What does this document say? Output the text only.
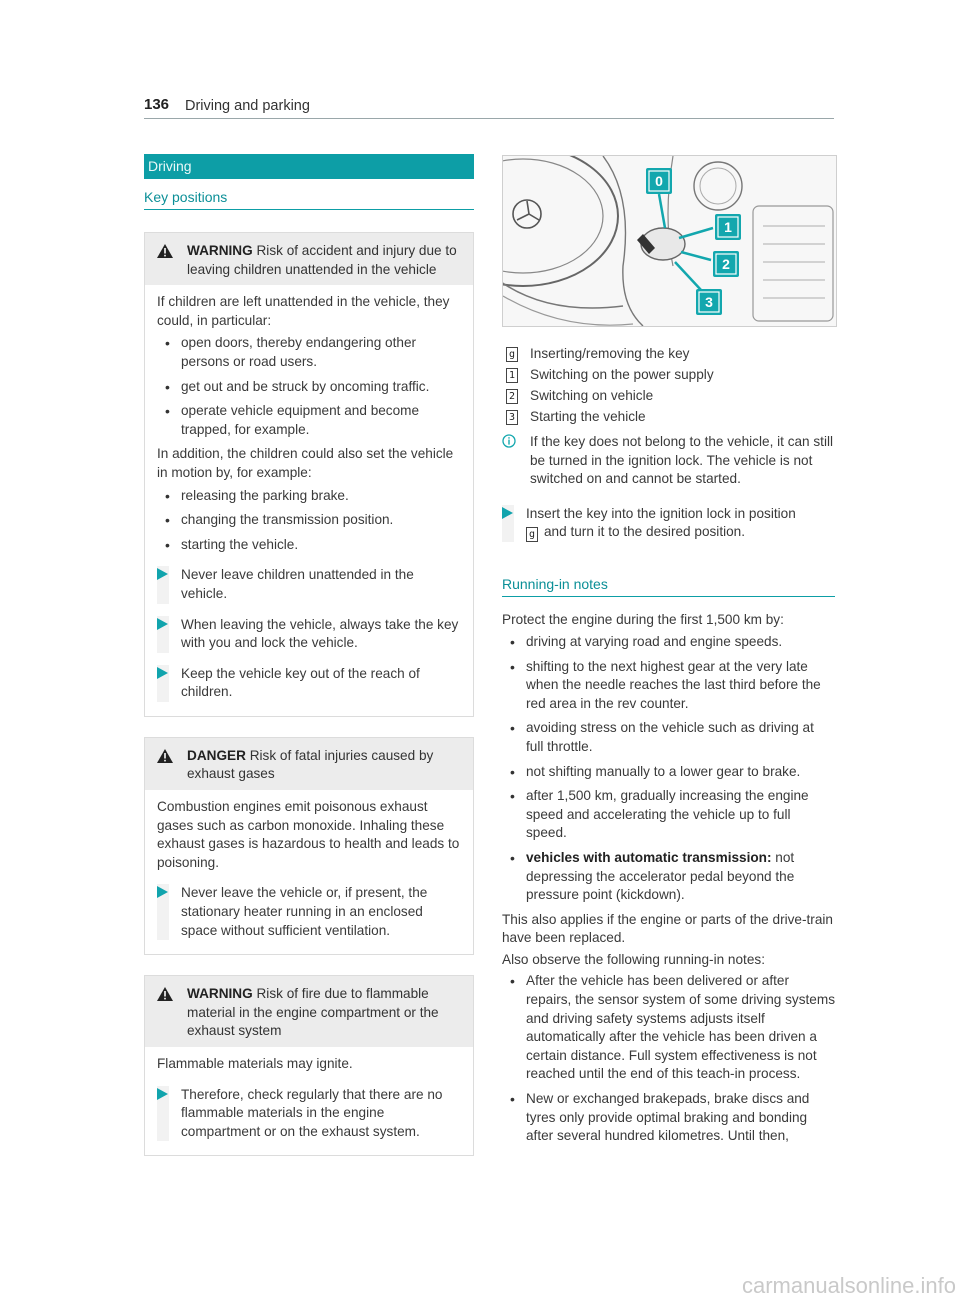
136 Driving and parking
Driving
Key positions
WARNING Risk of accident and injury due to leaving children unattended in the vehicle

If children are left unattended in the vehicle, they could, in particular:

• open doors, thereby endangering other persons or road users.
• get out and be struck by oncoming traffic.
• operate vehicle equipment and become trapped, for example.

In addition, the children could also set the vehicle in motion by, for example:

• releasing the parking brake.
• changing the transmission position.
• starting the vehicle.
Never leave children unattended in the vehicle.
When leaving the vehicle, always take the key with you and lock the vehicle.
Keep the vehicle key out of the reach of children.
DANGER Risk of fatal injuries caused by exhaust gases

Combustion engines emit poisonous exhaust gases such as carbon monoxide. Inhaling these exhaust gases is hazardous to health and leads to poisoning.

Never leave the vehicle or, if present, the stationary heater running in an enclosed space without sufficient ventilation.
WARNING Risk of fire due to flammable material in the engine compartment or the exhaust system

Flammable materials may ignite.

Therefore, check regularly that there are no flammable materials in the engine compartment or on the exhaust system.
0
1
2
3
g Inserting/removing the key
1 Switching on the power supply
2 Switching on vehicle
3 Starting the vehicle
If the key does not belong to the vehicle, it can still be turned in the ignition lock. The vehicle is not switched on and cannot be started.
Insert the key into the ignition lock in position
g and turn it to the desired position.
Running-in notes

Protect the engine during the first 1,500 km by:

• driving at varying road and engine speeds.
• shifting to the next highest gear at the very late when the needle reaches the last third before the red area in the rev counter.
• avoiding stress on the vehicle such as driving at full throttle.
• not shifting manually to a lower gear to brake.
• after 1,500 km, gradually increasing the engine speed and accelerating the vehicle up to full speed.
• vehicles with automatic transmission: not depressing the accelerator pedal beyond the pressure point (kickdown).

This also applies if the engine or parts of the drive-train have been replaced.

Also observe the following running-in notes:

• After the vehicle has been delivered or after repairs, the sensor system of some driving systems and driving safety systems adjusts itself automatically after the vehicle has been driven a certain distance. Full system effectiveness is not reached until the end of this teach-in process.
• New or exchanged brakepads, brake discs and tyres only provide optimal braking and bonding after several hundred kilometres. Until then,
carmanualsonline.info
